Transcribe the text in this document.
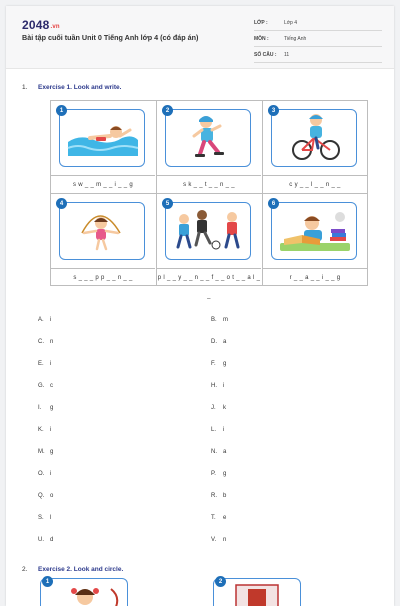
2048.vn
Bài tập cuối tuần Unit 0 Tiếng Anh lớp 4 (có đáp án)
LỚP :	Lớp 4
MÔN :	Tiếng Anh
SỐ CÂU : 11
1. Exercise 1. Look and write.
1
s w _ _ m _ _ i _ _ g
2
s k _ _ t _ _ n _ _
3
c y _ _ l _ _ n _ _
4
s _ _ _ p p _ _ n _ _
5
p l _ _ y _ _ n _ _ f _ _ o t _ _ a l _ _
6
r _ _ a _ _ i _ _ g
A. i	B. m
C. n	D. a
E. i	F. g
G. c	H. i
I. g	J. k
K. i	L. i
M. g	N. a
O. i	P. g
Q. o	R. b
S. l	T. e
U. d	V. n
2. Exercise 2. Look and circle.
1	2
